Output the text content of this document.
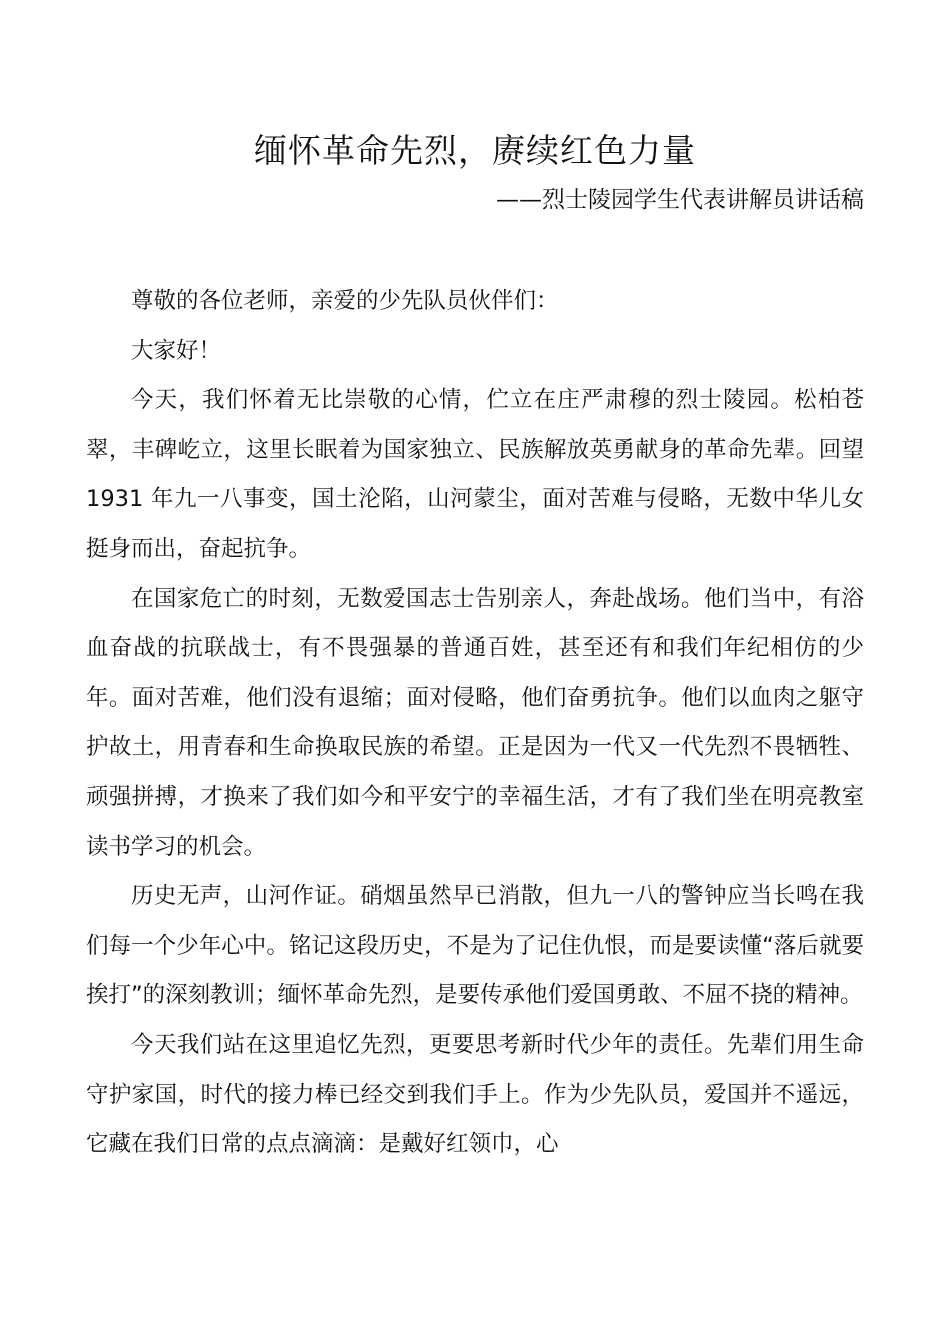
缅怀革命先烈，赓续红色力量
——烈士陵园学生代表讲解员讲话稿

尊敬的各位老师，亲爱的少先队员伙伴们：

大家好！

今天，我们怀着无比崇敬的心情，伫立在庄严肃穆的烈士陵园。松柏苍翠，丰碑屹立，这里长眠着为国家独立、民族解放英勇献身的革命先辈。回望 1931 年九一八事变，国土沦陷，山河蒙尘，面对苦难与侵略，无数中华儿女挺身而出，奋起抗争。

在国家危亡的时刻，无数爱国志士告别亲人，奔赴战场。他们当中，有浴血奋战的抗联战士，有不畏强暴的普通百姓，甚至还有和我们年纪相仿的少年。面对苦难，他们没有退缩；面对侵略，他们奋勇抗争。他们以血肉之躯守护故土，用青春和生命换取民族的希望。正是因为一代又一代先烈不畏牺牲、顽强拼搏，才换来了我们如今和平安宁的幸福生活，才有了我们坐在明亮教室读书学习的机会。

历史无声，山河作证。硝烟虽然早已消散，但九一八的警钟应当长鸣在我们每一个少年心中。铭记这段历史，不是为了记住仇恨，而是要读懂“落后就要挨打”的深刻教训；缅怀革命先烈，是要传承他们爱国勇敢、不屈不挠的精神。

今天我们站在这里追忆先烈，更要思考新时代少年的责任。先辈们用生命守护家国，时代的接力棒已经交到我们手上。作为少先队员，爱国并不遥远，它藏在我们日常的点点滴滴：是戴好红领巾，心
